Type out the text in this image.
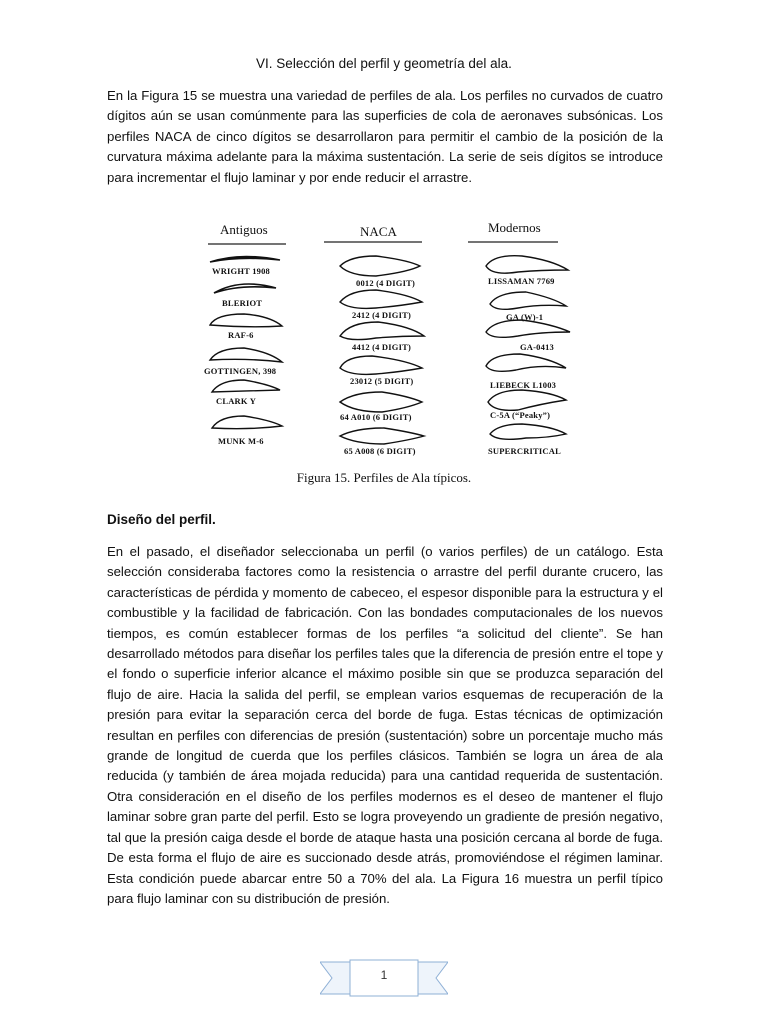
VI. Selección del perfil y geometría del ala.

En la Figura 15 se muestra una variedad de perfiles de ala. Los perfiles no curvados de cuatro dígitos aún se usan comúnmente para las superficies de cola de aeronaves subsónicas. Los perfiles NACA de cinco dígitos se desarrollaron para permitir el cambio de la posición de la curvatura máxima adelante para la máxima sustentación. La serie de seis dígitos se introduce para incrementar el flujo laminar y por ende reducir el arrastre.

Antiguos	NACA	Modernos
WRIGHT 1908
BLERIOT
RAF-6
GOTTINGEN, 398
CLARK Y
MUNK M-6
0012 (4 DIGIT)
2412 (4 DIGIT)
4412 (4 DIGIT)
23012 (5 DIGIT)
64 A010 (6 DIGIT)
65 A008 (6 DIGIT)
LISSAMAN 7769
GA (W)-1
GA-0413
LIEBECK L1003
C-5A (“Peaky”)
SUPERCRITICAL
Figura 15. Perfiles de Ala típicos.
Diseño del perfil.

En el pasado, el diseñador seleccionaba un perfil (o varios perfiles) de un catálogo. Esta selección consideraba factores como la resistencia o arrastre del perfil durante crucero, las características de pérdida y momento de cabeceo, el espesor disponible para la estructura y el combustible y la facilidad de fabricación. Con las bondades computacionales de los nuevos tiempos, es común establecer formas de los perfiles “a solicitud del cliente”. Se han desarrollado métodos para diseñar los perfiles tales que la diferencia de presión entre el tope y el fondo o superficie inferior alcance el máximo posible sin que se produzca separación del flujo de aire. Hacia la salida del perfil, se emplean varios esquemas de recuperación de la presión para evitar la separación cerca del borde de fuga. Estas técnicas de optimización resultan en perfiles con diferencias de presión (sustentación) sobre un porcentaje mucho más grande de longitud de cuerda que los perfiles clásicos. También se logra un área de ala reducida (y también de área mojada reducida) para una cantidad requerida de sustentación. Otra consideración en el diseño de los perfiles modernos es el deseo de mantener el flujo laminar sobre gran parte del perfil. Esto se logra proveyendo un gradiente de presión negativo, tal que la presión caiga desde el borde de ataque hasta una posición cercana al borde de fuga. De esta forma el flujo de aire es succionado desde atrás, promoviéndose el régimen laminar. Esta condición puede abarcar entre 50 a 70% del ala. La Figura 16 muestra un perfil típico para flujo laminar con su distribución de presión.

1
